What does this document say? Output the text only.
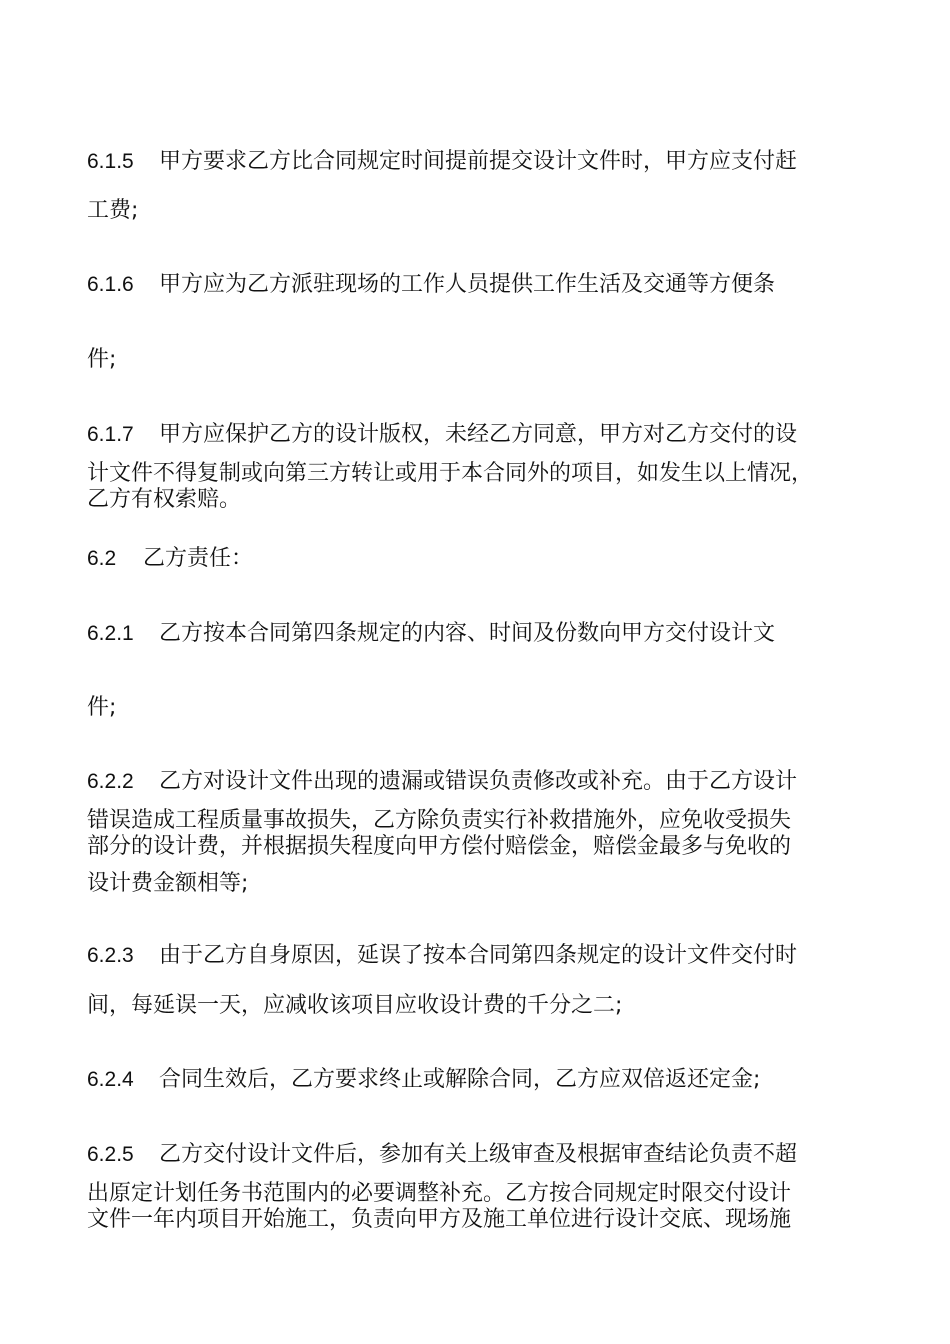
6.1.5 甲方要求乙方比合同规定时间提前提交设计文件时，甲方应支付赶
工费;
6.1.6 甲方应为乙方派驻现场的工作人员提供工作生活及交通等方便条
件;
6.1.7 甲方应保护乙方的设计版权，未经乙方同意，甲方对乙方交付的设
计文件不得复制或向第三方转让或用于本合同外的项目，如发生以上情况，
乙方有权索赔。
6.2 乙方责任：
6.2.1 乙方按本合同第四条规定的内容、时间及份数向甲方交付设计文
件;
6.2.2 乙方对设计文件出现的遗漏或错误负责修改或补充。由于乙方设计
错误造成工程质量事故损失，乙方除负责实行补救措施外，应免收受损失
部分的设计费，并根据损失程度向甲方偿付赔偿金，赔偿金最多与免收的
设计费金额相等;
6.2.3 由于乙方自身原因，延误了按本合同第四条规定的设计文件交付时
间，每延误一天，应减收该项目应收设计费的千分之二;
6.2.4 合同生效后，乙方要求终止或解除合同，乙方应双倍返还定金;
6.2.5 乙方交付设计文件后，参加有关上级审查及根据审查结论负责不超
出原定计划任务书范围内的必要调整补充。乙方按合同规定时限交付设计
文件一年内项目开始施工，负责向甲方及施工单位进行设计交底、现场施
